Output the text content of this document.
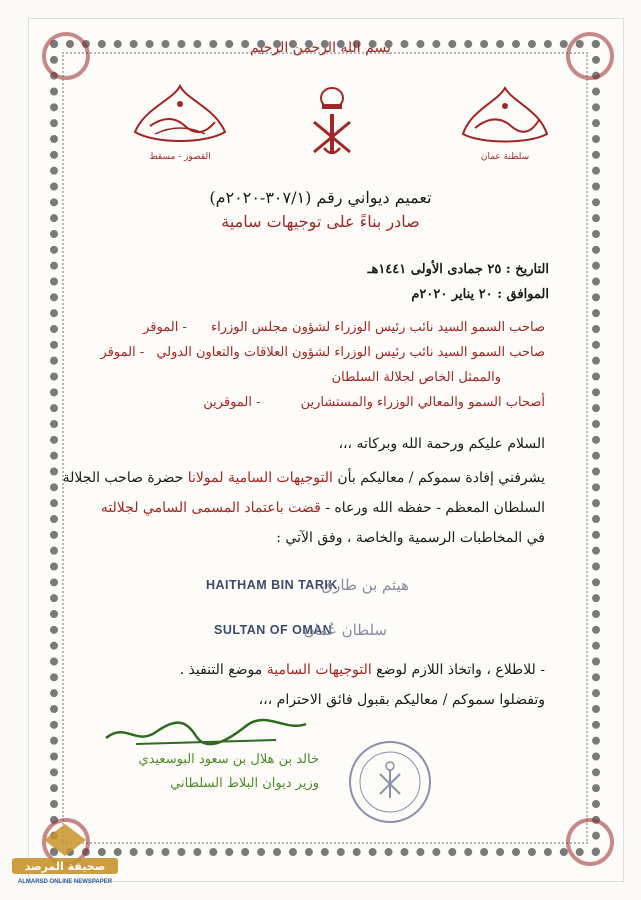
بسم الله الرحمن الرحيم
القصور - مسقط	سلطنة عمان
تعميم ديواني رقم (٣٠٧/١-٢٠٢٠م)
صادر بناءً على توجيهات سامية
التاريخ : ٢٥ جمادى الأولى ١٤٤١هـ
الموافق : ٢٠ يناير ٢٠٢٠م
صاحب السمو السيد نائب رئيس الوزراء لشؤون مجلس الوزراء - الموقر
صاحب السمو السيد نائب رئيس الوزراء لشؤون العلاقات والتعاون الدولي - الموقر
والممثل الخاص لجلالة السلطان
أصحاب السمو والمعالي الوزراء والمستشارين - الموقرين
السلام عليكم ورحمة الله وبركاته ،،،
يشرفني إفادة سموكم / معاليكم بأن التوجيهات السامية لمولانا حضرة صاحب الجلالة
السلطان المعظم - حفظه الله ورعاه - قضت باعتماد المسمى السامي لجلالته
في المخاطبات الرسمية والخاصة ، وفق الآتي :
HAITHAM BIN TARIK
هيثم بن طارق
SULTAN OF OMAN
سلطان عُمان
- للاطلاع ، واتخاذ اللازم لوضع التوجيهات السامية موضع التنفيذ .
وتفضلوا سموكم / معاليكم بقبول فائق الاحترام ،،،
خالد بن هلال بن سعود البوسعيدي
وزير ديوان البلاط السلطاني
صحيفة المرصد
ALMARSD ONLINE NEWSPAPER
